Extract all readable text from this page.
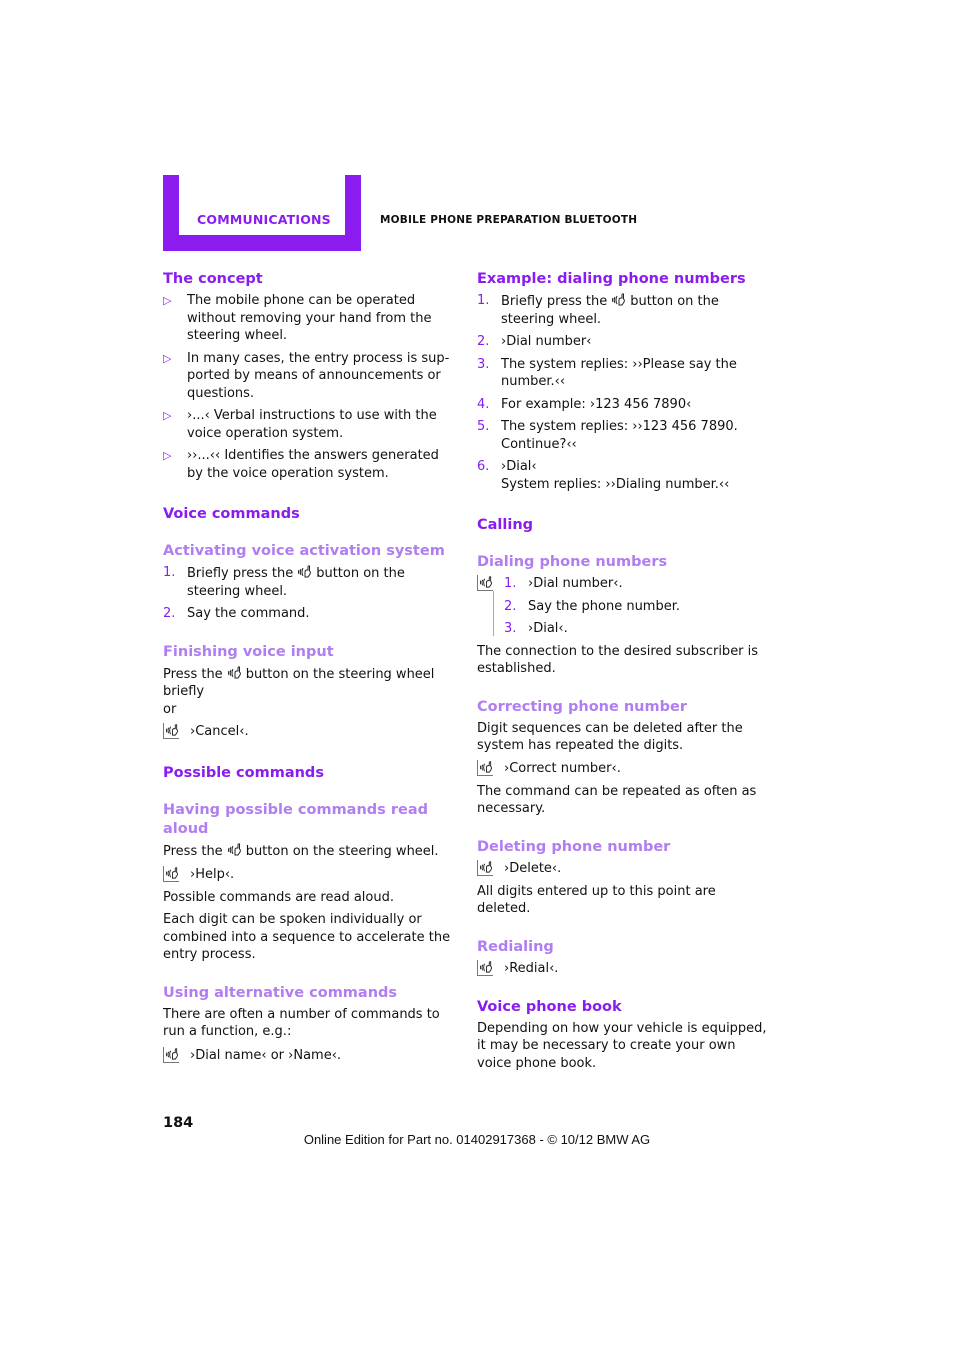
COMMUNICATIONS	MOBILE PHONE PREPARATION BLUETOOTH
The concept
▷ The mobile phone can be operated without removing your hand from the steering wheel.
▷ In many cases, the entry process is supported by means of announcements or questions.
▷ ›...‹ Verbal instructions to use with the voice operation system.
▷ ››...‹‹ Identifies the answers generated by the voice operation system.
Voice commands
Activating voice activation system
1. Briefly press the button on the steering wheel.
2. Say the command.
Finishing voice input

Press the button on the steering wheel briefly

or

›Cancel‹.
Possible commands
Having possible commands read aloud

Press the button on the steering wheel.

›Help‹.

Possible commands are read aloud.

Each digit can be spoken individually or combined into a sequence to accelerate the entry process.

Using alternative commands

There are often a number of commands to run a function, e.g.:

›Dial name‹ or ›Name‹.
Example: dialing phone numbers
1. Briefly press the button on the steering wheel.
2. ›Dial number‹
3. The system replies: ››Please say the number.‹‹
4. For example: ›123 456 7890‹
5. The system replies: ››123 456 7890. Continue?‹‹
6. ›Dial‹
System replies: ››Dialing number.‹‹
Calling
Dialing phone numbers
1. ›Dial number‹.
2. Say the phone number.
3. ›Dial‹.

The connection to the desired subscriber is established.

Correcting phone number

Digit sequences can be deleted after the system has repeated the digits.

›Correct number‹.

The command can be repeated as often as necessary.

Deleting phone number
›Delete‹.

All digits entered up to this point are deleted.

Redialing
›Redial‹.
Voice phone book

Depending on how your vehicle is equipped, it may be necessary to create your own voice phone book.

184
Online Edition for Part no. 01402917368 - © 10/12 BMW AG
